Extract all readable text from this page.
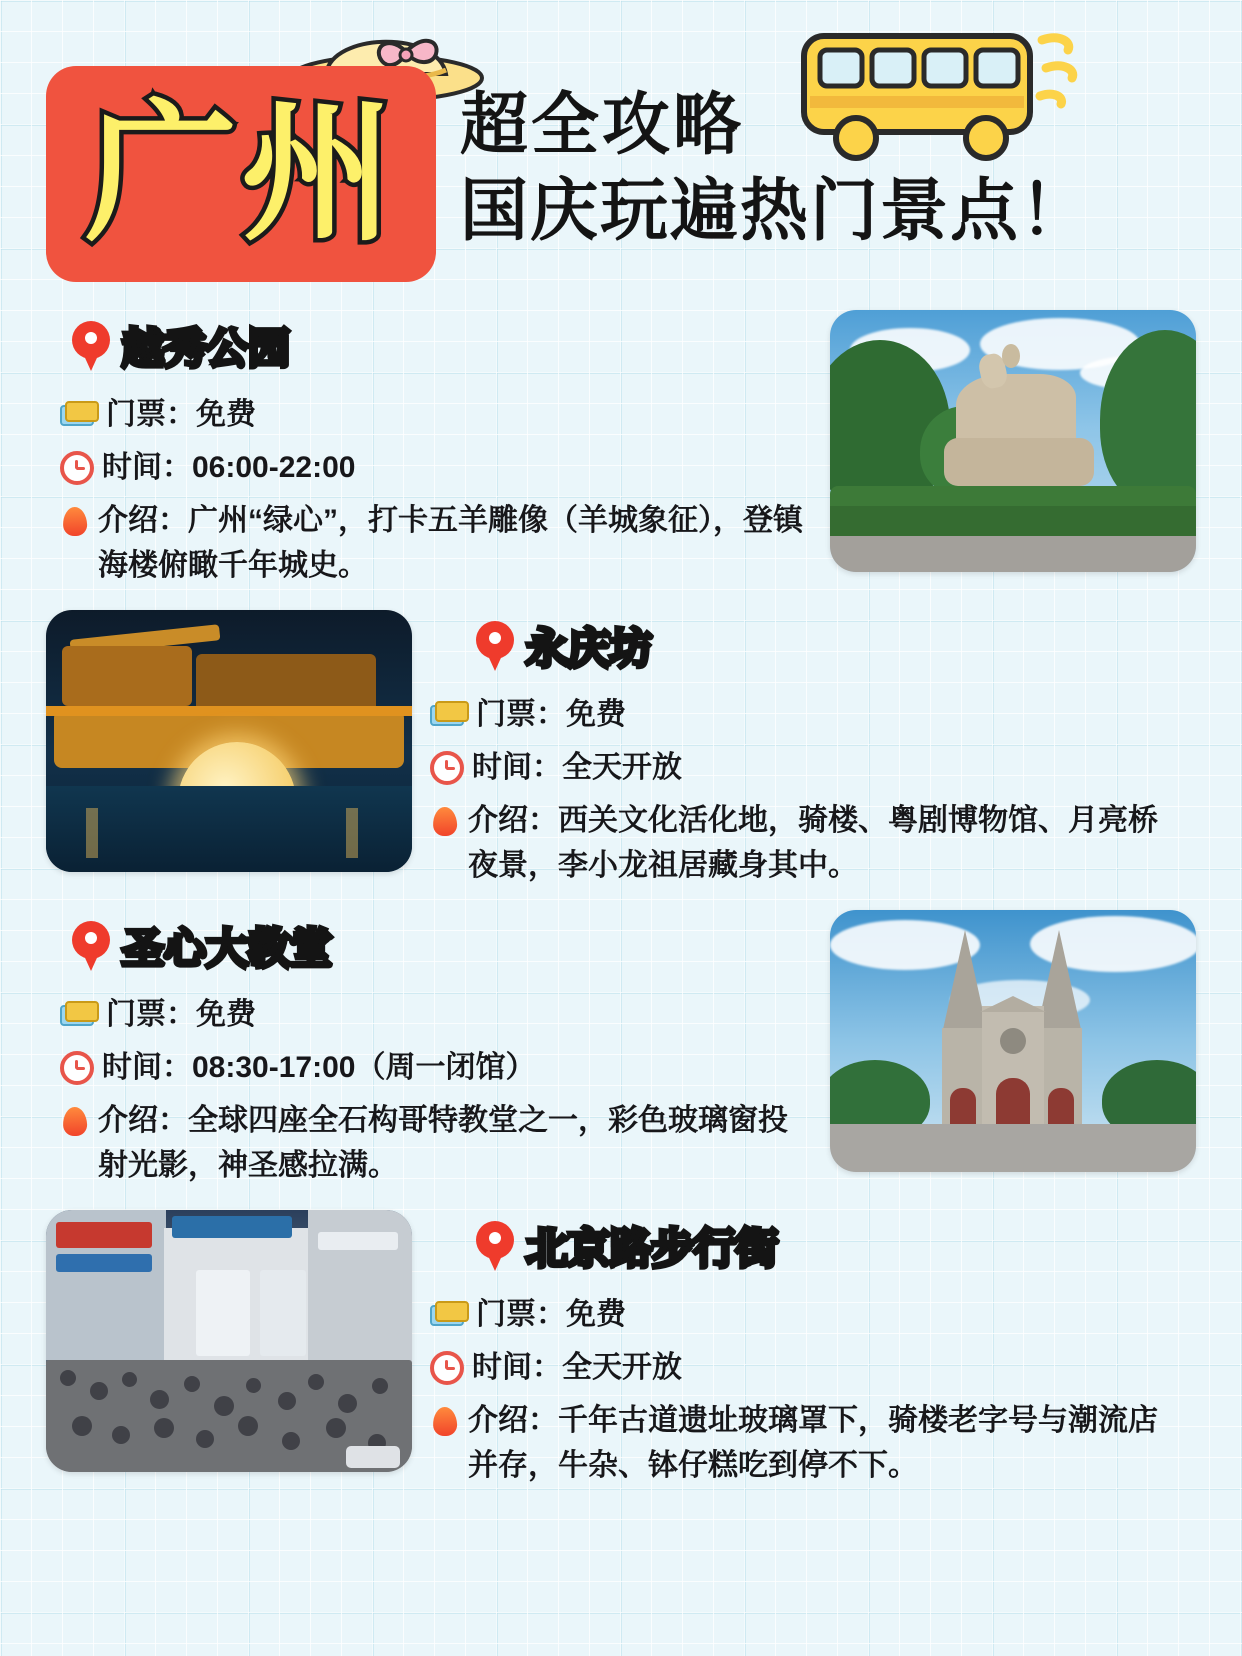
广州 超全攻略
国庆玩遍热门景点！
越秀公园
门票：免费
时间：06:00-22:00
介绍：广州“绿心”，打卡五羊雕像（羊城象征），登镇海楼俯瞰千年城史。
永庆坊
门票：免费
时间：全天开放
介绍：西关文化活化地，骑楼、粤剧博物馆、月亮桥夜景，李小龙祖居藏身其中。
圣心大教堂
门票：免费
时间：08:30-17:00（周一闭馆）
介绍：全球四座全石构哥特教堂之一，彩色玻璃窗投射光影，神圣感拉满。
北京路步行街
门票：免费
时间：全天开放
介绍：千年古道遗址玻璃罩下，骑楼老字号与潮流店并存，牛杂、钵仔糕吃到停不下。
